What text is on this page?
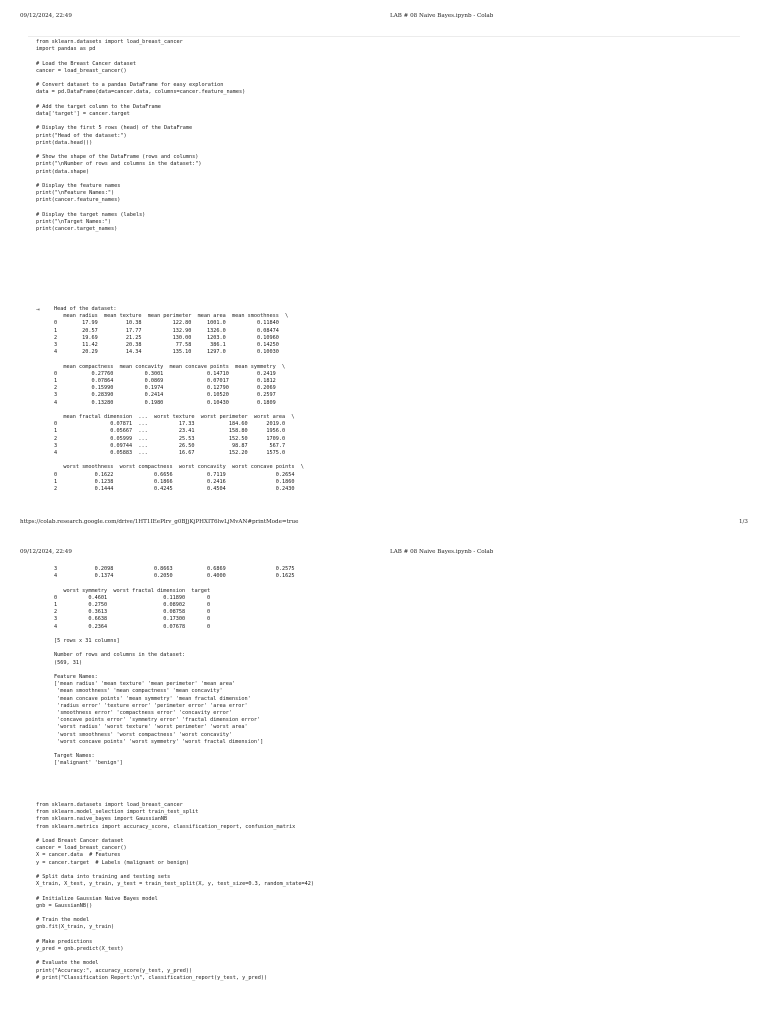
09/12/2024, 22:49	LAB # 08 Naive Bayes.ipynb - Colab
from sklearn.datasets import load_breast_cancer
import pandas as pd

# Load the Breast Cancer dataset
cancer = load_breast_cancer()

# Convert dataset to a pandas DataFrame for easy exploration
data = pd.DataFrame(data=cancer.data, columns=cancer.feature_names)

# Add the target column to the DataFrame
data['target'] = cancer.target

# Display the first 5 rows (head) of the DataFrame
print("Head of the dataset:")
print(data.head())

# Show the shape of the DataFrame (rows and columns)
print("\nNumber of rows and columns in the dataset:")
print(data.shape)

# Display the feature names
print("\nFeature Names:")
print(cancer.feature_names)

# Display the target names (labels)
print("\nTarget Names:")
print(cancer.target_names)
⇥	Head of the dataset:
mean radius  mean texture  mean perimeter  mean area  mean smoothness  \
0        17.99         10.38          122.80     1001.0          0.11840
1        20.57         17.77          132.90     1326.0          0.08474
2        19.69         21.25          130.00     1203.0          0.10960
3        11.42         20.38           77.58      386.1          0.14250
4        20.29         14.34          135.10     1297.0          0.10030

mean compactness  mean concavity  mean concave points  mean symmetry  \
0           0.27760          0.3001              0.14710         0.2419
1           0.07864          0.0869              0.07017         0.1812
2           0.15990          0.1974              0.12790         0.2069
3           0.28390          0.2414              0.10520         0.2597
4           0.13280          0.1980              0.10430         0.1809

mean fractal dimension  ...  worst texture  worst perimeter  worst area  \
0                 0.07871  ...          17.33           184.60      2019.0
1                 0.05667  ...          23.41           158.80      1956.0
2                 0.05999  ...          25.53           152.50      1709.0
3                 0.09744  ...          26.50            98.87       567.7
4                 0.05883  ...          16.67           152.20      1575.0

worst smoothness  worst compactness  worst concavity  worst concave points  \
0            0.1622             0.6656           0.7119                0.2654
1            0.1238             0.1866           0.2416                0.1860
2            0.1444             0.4245           0.4504                0.2430
https://colab.research.google.com/drive/1HT1IEePlrv_g0BJjKjPHXIT6lwLjMvAN#printMode=true	1/3
09/12/2024, 22:49	LAB # 08 Naive Bayes.ipynb - Colab
3            0.2098             0.8663           0.6869                0.2575
4            0.1374             0.2050           0.4000                0.1625

worst symmetry  worst fractal dimension  target
0          0.4601                  0.11890       0
1          0.2750                  0.08902       0
2          0.3613                  0.08758       0
3          0.6638                  0.17300       0
4          0.2364                  0.07678       0

[5 rows x 31 columns]

Number of rows and columns in the dataset:
(569, 31)

Feature Names:
['mean radius' 'mean texture' 'mean perimeter' 'mean area'
'mean smoothness' 'mean compactness' 'mean concavity'
'mean concave points' 'mean symmetry' 'mean fractal dimension'
'radius error' 'texture error' 'perimeter error' 'area error'
'smoothness error' 'compactness error' 'concavity error'
'concave points error' 'symmetry error' 'fractal dimension error'
'worst radius' 'worst texture' 'worst perimeter' 'worst area'
'worst smoothness' 'worst compactness' 'worst concavity'
'worst concave points' 'worst symmetry' 'worst fractal dimension']

Target Names:
['malignant' 'benign']
from sklearn.datasets import load_breast_cancer
from sklearn.model_selection import train_test_split
from sklearn.naive_bayes import GaussianNB
from sklearn.metrics import accuracy_score, classification_report, confusion_matrix

# Load Breast Cancer dataset
cancer = load_breast_cancer()
X = cancer.data  # Features
y = cancer.target  # Labels (malignant or benign)

# Split data into training and testing sets
X_train, X_test, y_train, y_test = train_test_split(X, y, test_size=0.3, random_state=42)

# Initialize Gaussian Naive Bayes model
gnb = GaussianNB()

# Train the model
gnb.fit(X_train, y_train)

# Make predictions
y_pred = gnb.predict(X_test)

# Evaluate the model
print("Accuracy:", accuracy_score(y_test, y_pred))
# print("Classification Report:\n", classification_report(y_test, y_pred))
